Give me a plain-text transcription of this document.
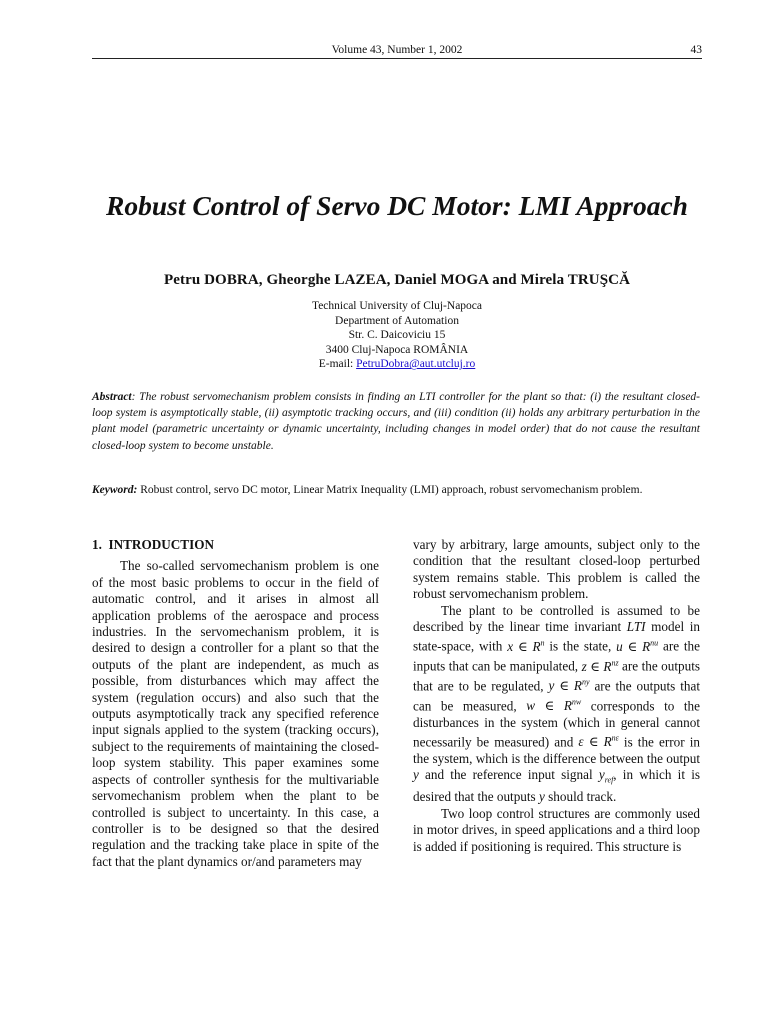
Volume 43, Number 1, 2002	43
Robust Control of Servo DC Motor: LMI Approach
Petru DOBRA, Gheorghe LAZEA, Daniel MOGA and Mirela TRUŞCĂ
Technical University of Cluj-Napoca
Department of Automation
Str. C. Daicoviciu 15
3400 Cluj-Napoca ROMÂNIA
E-mail: PetruDobra@aut.utcluj.ro
Abstract: The robust servomechanism problem consists in finding an LTI controller for the plant so that: (i) the resultant closed-loop system is asymptotically stable, (ii) asymptotic tracking occurs, and (iii) condition (ii) holds any arbitrary perturbation in the plant model (parametric uncertainty or dynamic uncertainty, including changes in model order) that do not cause the resultant closed-loop system to become unstable.
Keyword: Robust control, servo DC motor, Linear Matrix Inequality (LMI) approach, robust servomechanism problem.
1. INTRODUCTION

The so-called servomechanism problem is one of the most basic problems to occur in the field of automatic control, and it arises in almost all application problems of the aerospace and process industries. In the servomechanism problem, it is desired to design a controller for a plant so that the outputs of the plant are independent, as much as possible, from disturbances which may affect the system (regulation occurs) and also such that the outputs asymptotically track any specified reference input signals applied to the system (tracking occurs), subject to the requirements of maintaining the closed-loop system stability. This paper examines some aspects of controller synthesis for the multivariable servomechanism problem when the plant to be controlled is subject to uncertainty. In this case, a controller is to be designed so that the desired regulation and the tracking take place in spite of the fact that the plant dynamics or/and parameters may

vary by arbitrary, large amounts, subject only to the condition that the resultant closed-loop perturbed system remains stable. This problem is called the robust servomechanism problem.

The plant to be controlled is assumed to be described by the linear time invariant LTI model in state-space, with x ∈ $R^n$ is the state, u ∈ $R^{nu}$ are the inputs that can be manipulated, z ∈ $R^{nz}$ are the outputs that are to be regulated, y ∈ $R^{ny}$ are the outputs that can be measured, w ∈ $R^{nw}$ corresponds to the disturbances in the system (which in general cannot necessarily be measured) and ε ∈ $R^{n\varepsilon}$ is the error in the system, which is the difference between the output y and the reference input signal $y_{ref}$, in which it is desired that the outputs y should track.

Two loop control structures are commonly used in motor drives, in speed applications and a third loop is added if positioning is required. This structure is
